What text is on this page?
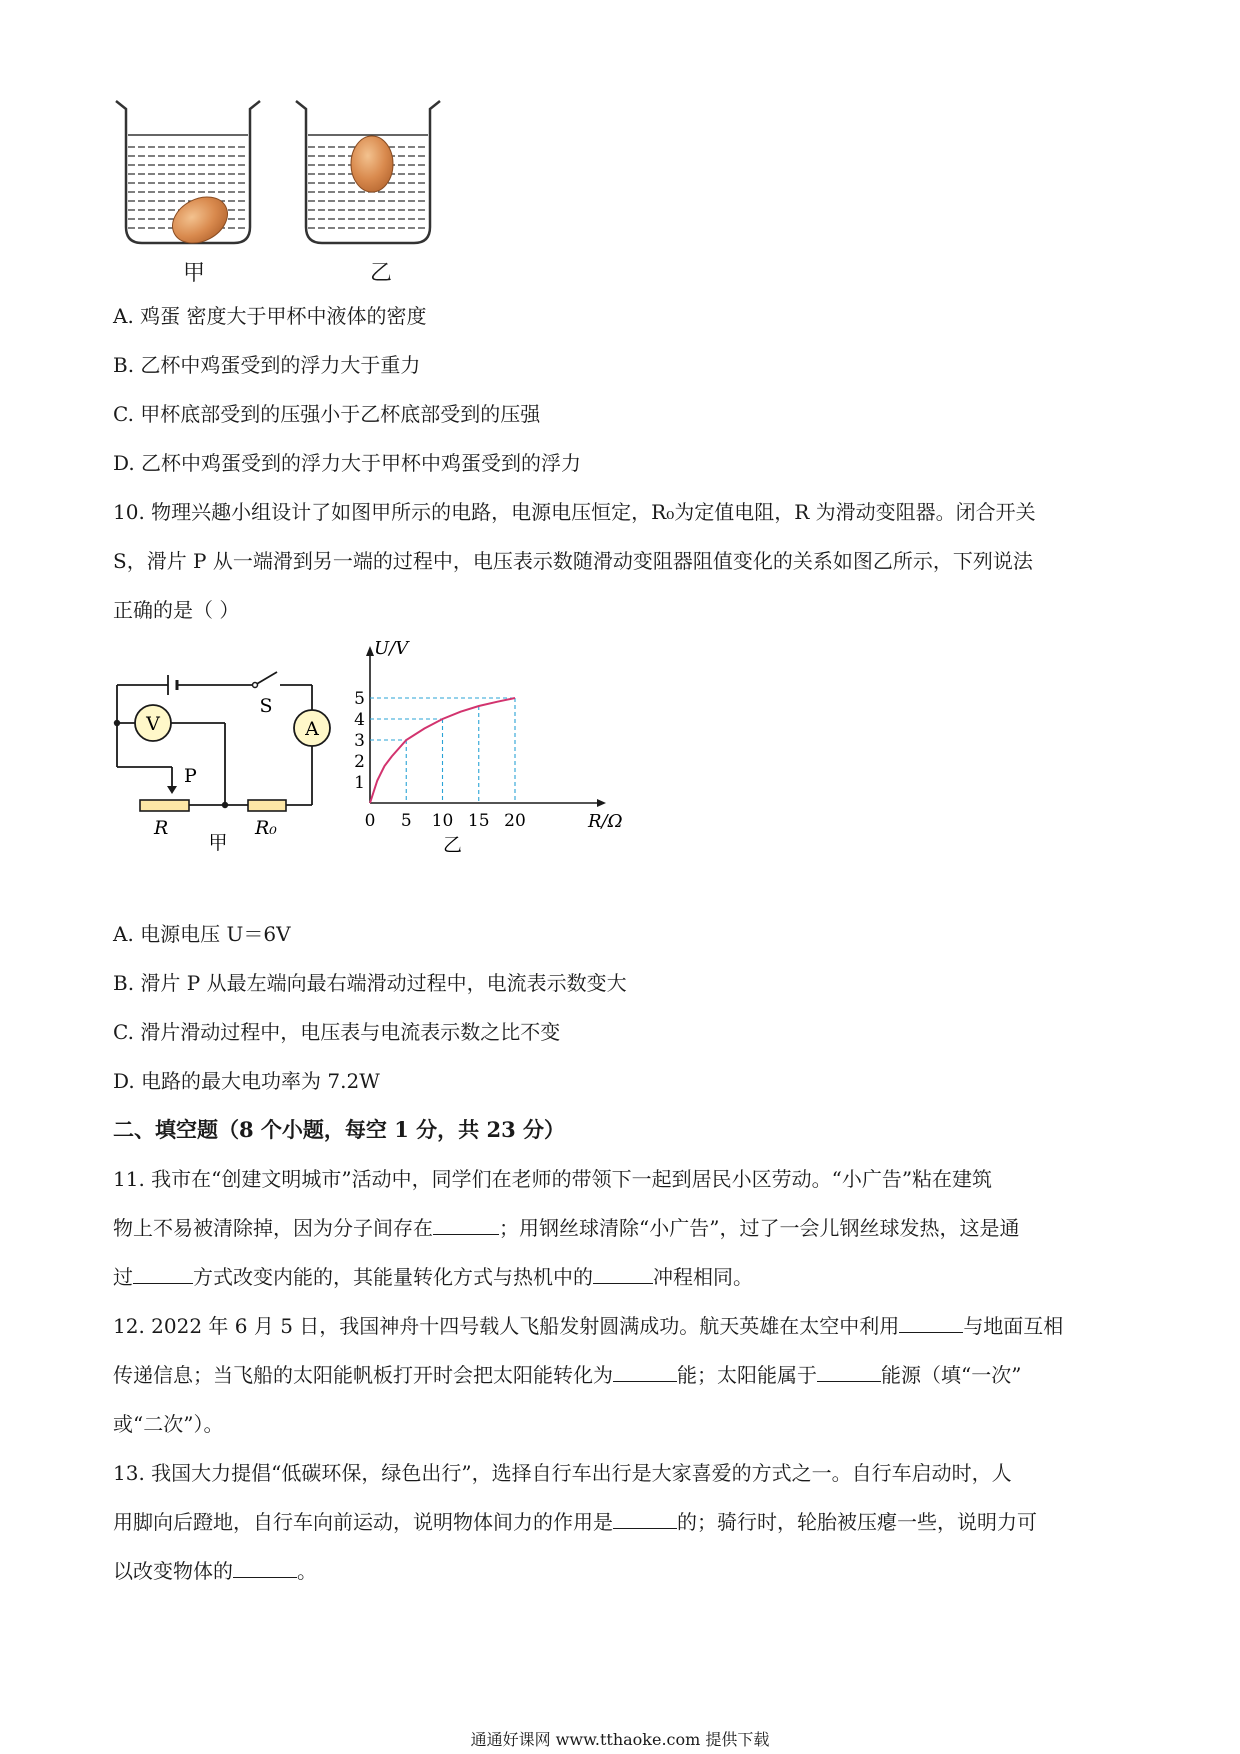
甲	乙
A. 鸡蛋 密度大于甲杯中液体的密度
B. 乙杯中鸡蛋受到的浮力大于重力
C. 甲杯底部受到的压强小于乙杯底部受到的压强
D. 乙杯中鸡蛋受到的浮力大于甲杯中鸡蛋受到的浮力
10. 物理兴趣小组设计了如图甲所示的电路，电源电压恒定，R₀为定值电阻，R 为滑动变阻器。闭合开关
S，滑片 P 从一端滑到另一端的过程中，电压表示数随滑动变阻器阻值变化的关系如图乙所示，下列说法
正确的是（ ）
V	A
S
P
R	R₀
甲
5 10 15 20
1
2
3
4
5
0
U/V
R/Ω
乙
A. 电源电压 U＝6V
B. 滑片 P 从最左端向最右端滑动过程中，电流表示数变大
C. 滑片滑动过程中，电压表与电流表示数之比不变
D. 电路的最大电功率为 7.2W
二、填空题（8 个小题，每空 1 分，共 23 分）
11. 我市在“创建文明城市”活动中，同学们在老师的带领下一起到居民小区劳动。“小广告”粘在建筑
物上不易被清除掉，因为分子间存在	；用钢丝球清除“小广告”，过了一会儿钢丝球发热，这是通
过	方式改变内能的，其能量转化方式与热机中的	冲程相同。
12. 2022 年 6 月 5 日，我国神舟十四号载人飞船发射圆满成功。航天英雄在太空中利用	与地面互相
传递信息；当飞船的太阳能帆板打开时会把太阳能转化为	能；太阳能属于	能源（填“一次”
或“二次”）。
13. 我国大力提倡“低碳环保，绿色出行”，选择自行车出行是大家喜爱的方式之一。自行车启动时，人
用脚向后蹬地，自行车向前运动，说明物体间力的作用是	的；骑行时，轮胎被压瘪一些，说明力可
以改变物体的	。
通通好课网 www.tthaoke.com 提供下载
